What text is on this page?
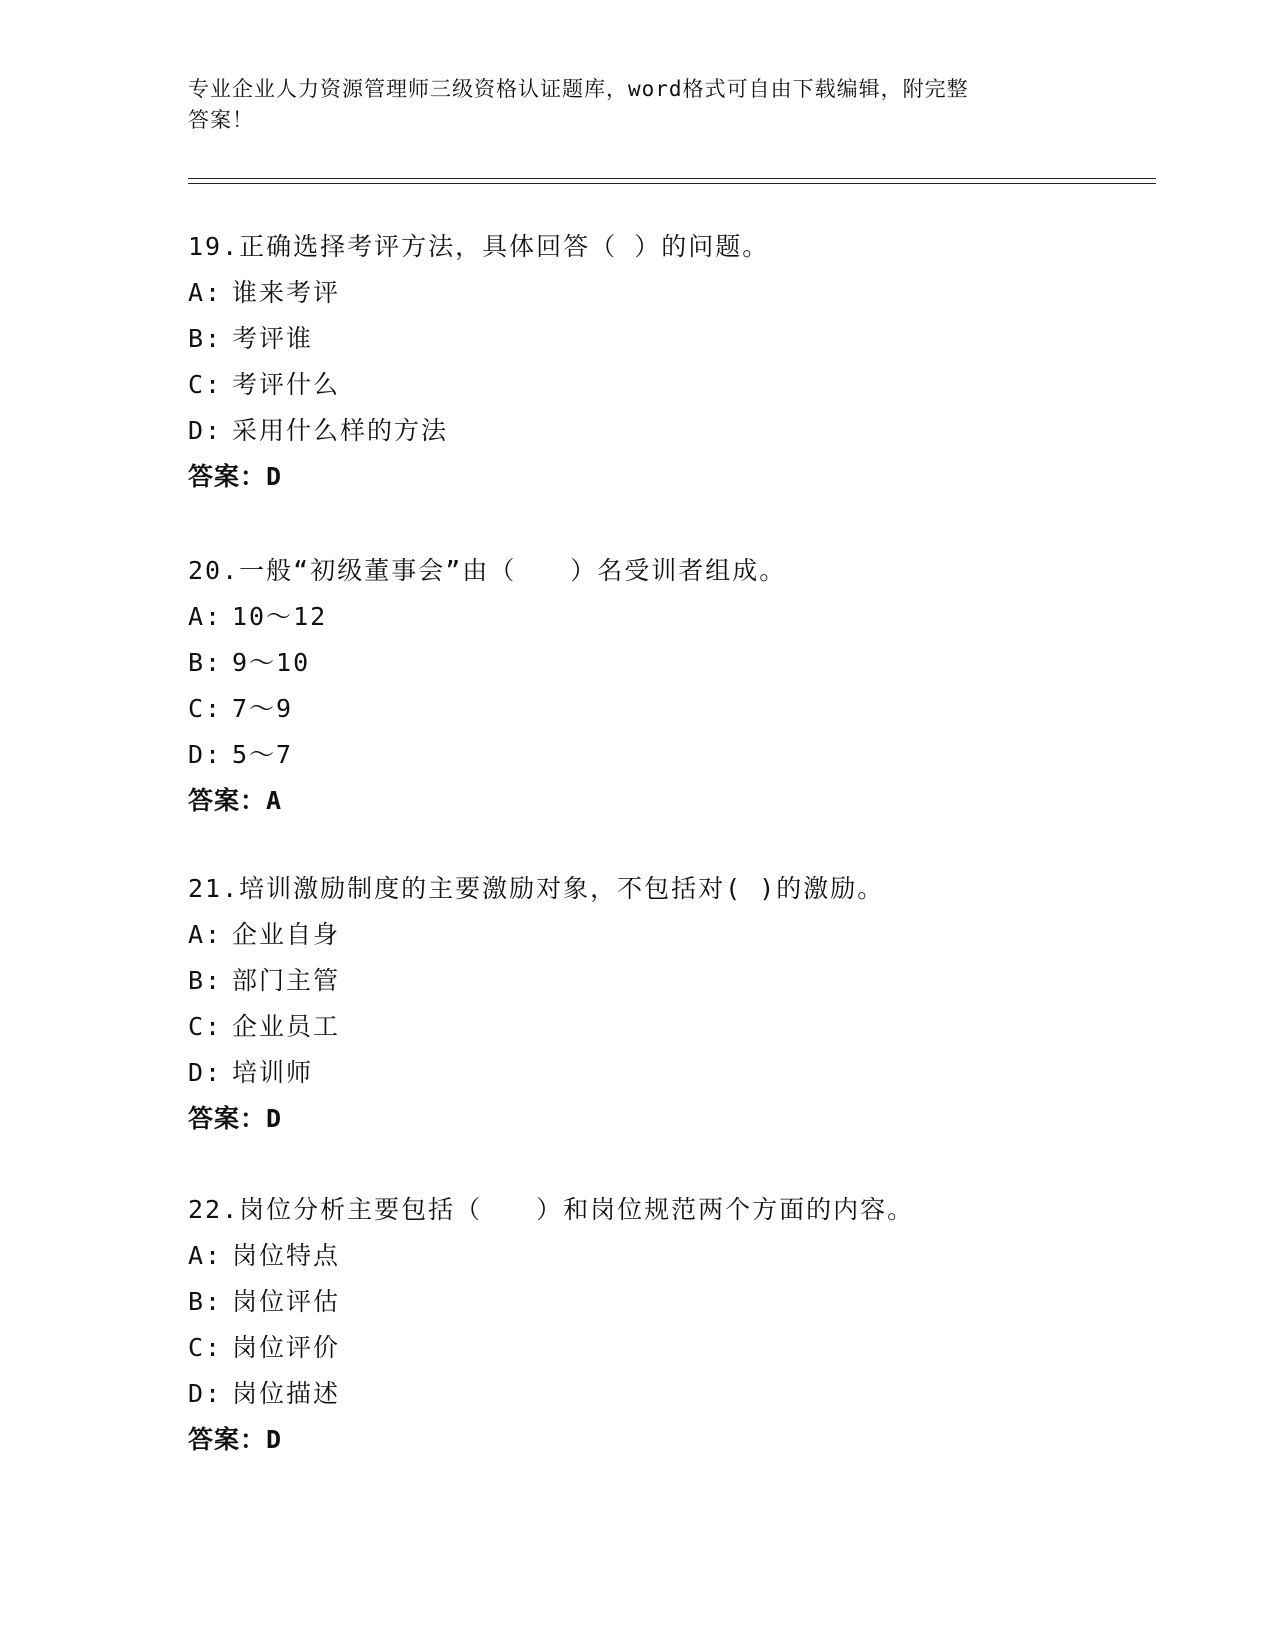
专业企业人力资源管理师三级资格认证题库，word格式可自由下载编辑，附完整
答案！
19.正确选择考评方法，具体回答（ ）的问题。
A: 谁来考评
B: 考评谁
C: 考评什么
D: 采用什么样的方法
答案：D
20.一般“初级董事会”由（　　）名受训者组成。
A: 10～12
B: 9～10
C: 7～9
D: 5～7
答案：A
21.培训激励制度的主要激励对象，不包括对( )的激励。
A: 企业自身
B: 部门主管
C: 企业员工
D: 培训师
答案：D
22.岗位分析主要包括（　　）和岗位规范两个方面的内容。
A: 岗位特点
B: 岗位评估
C: 岗位评价
D: 岗位描述
答案：D
